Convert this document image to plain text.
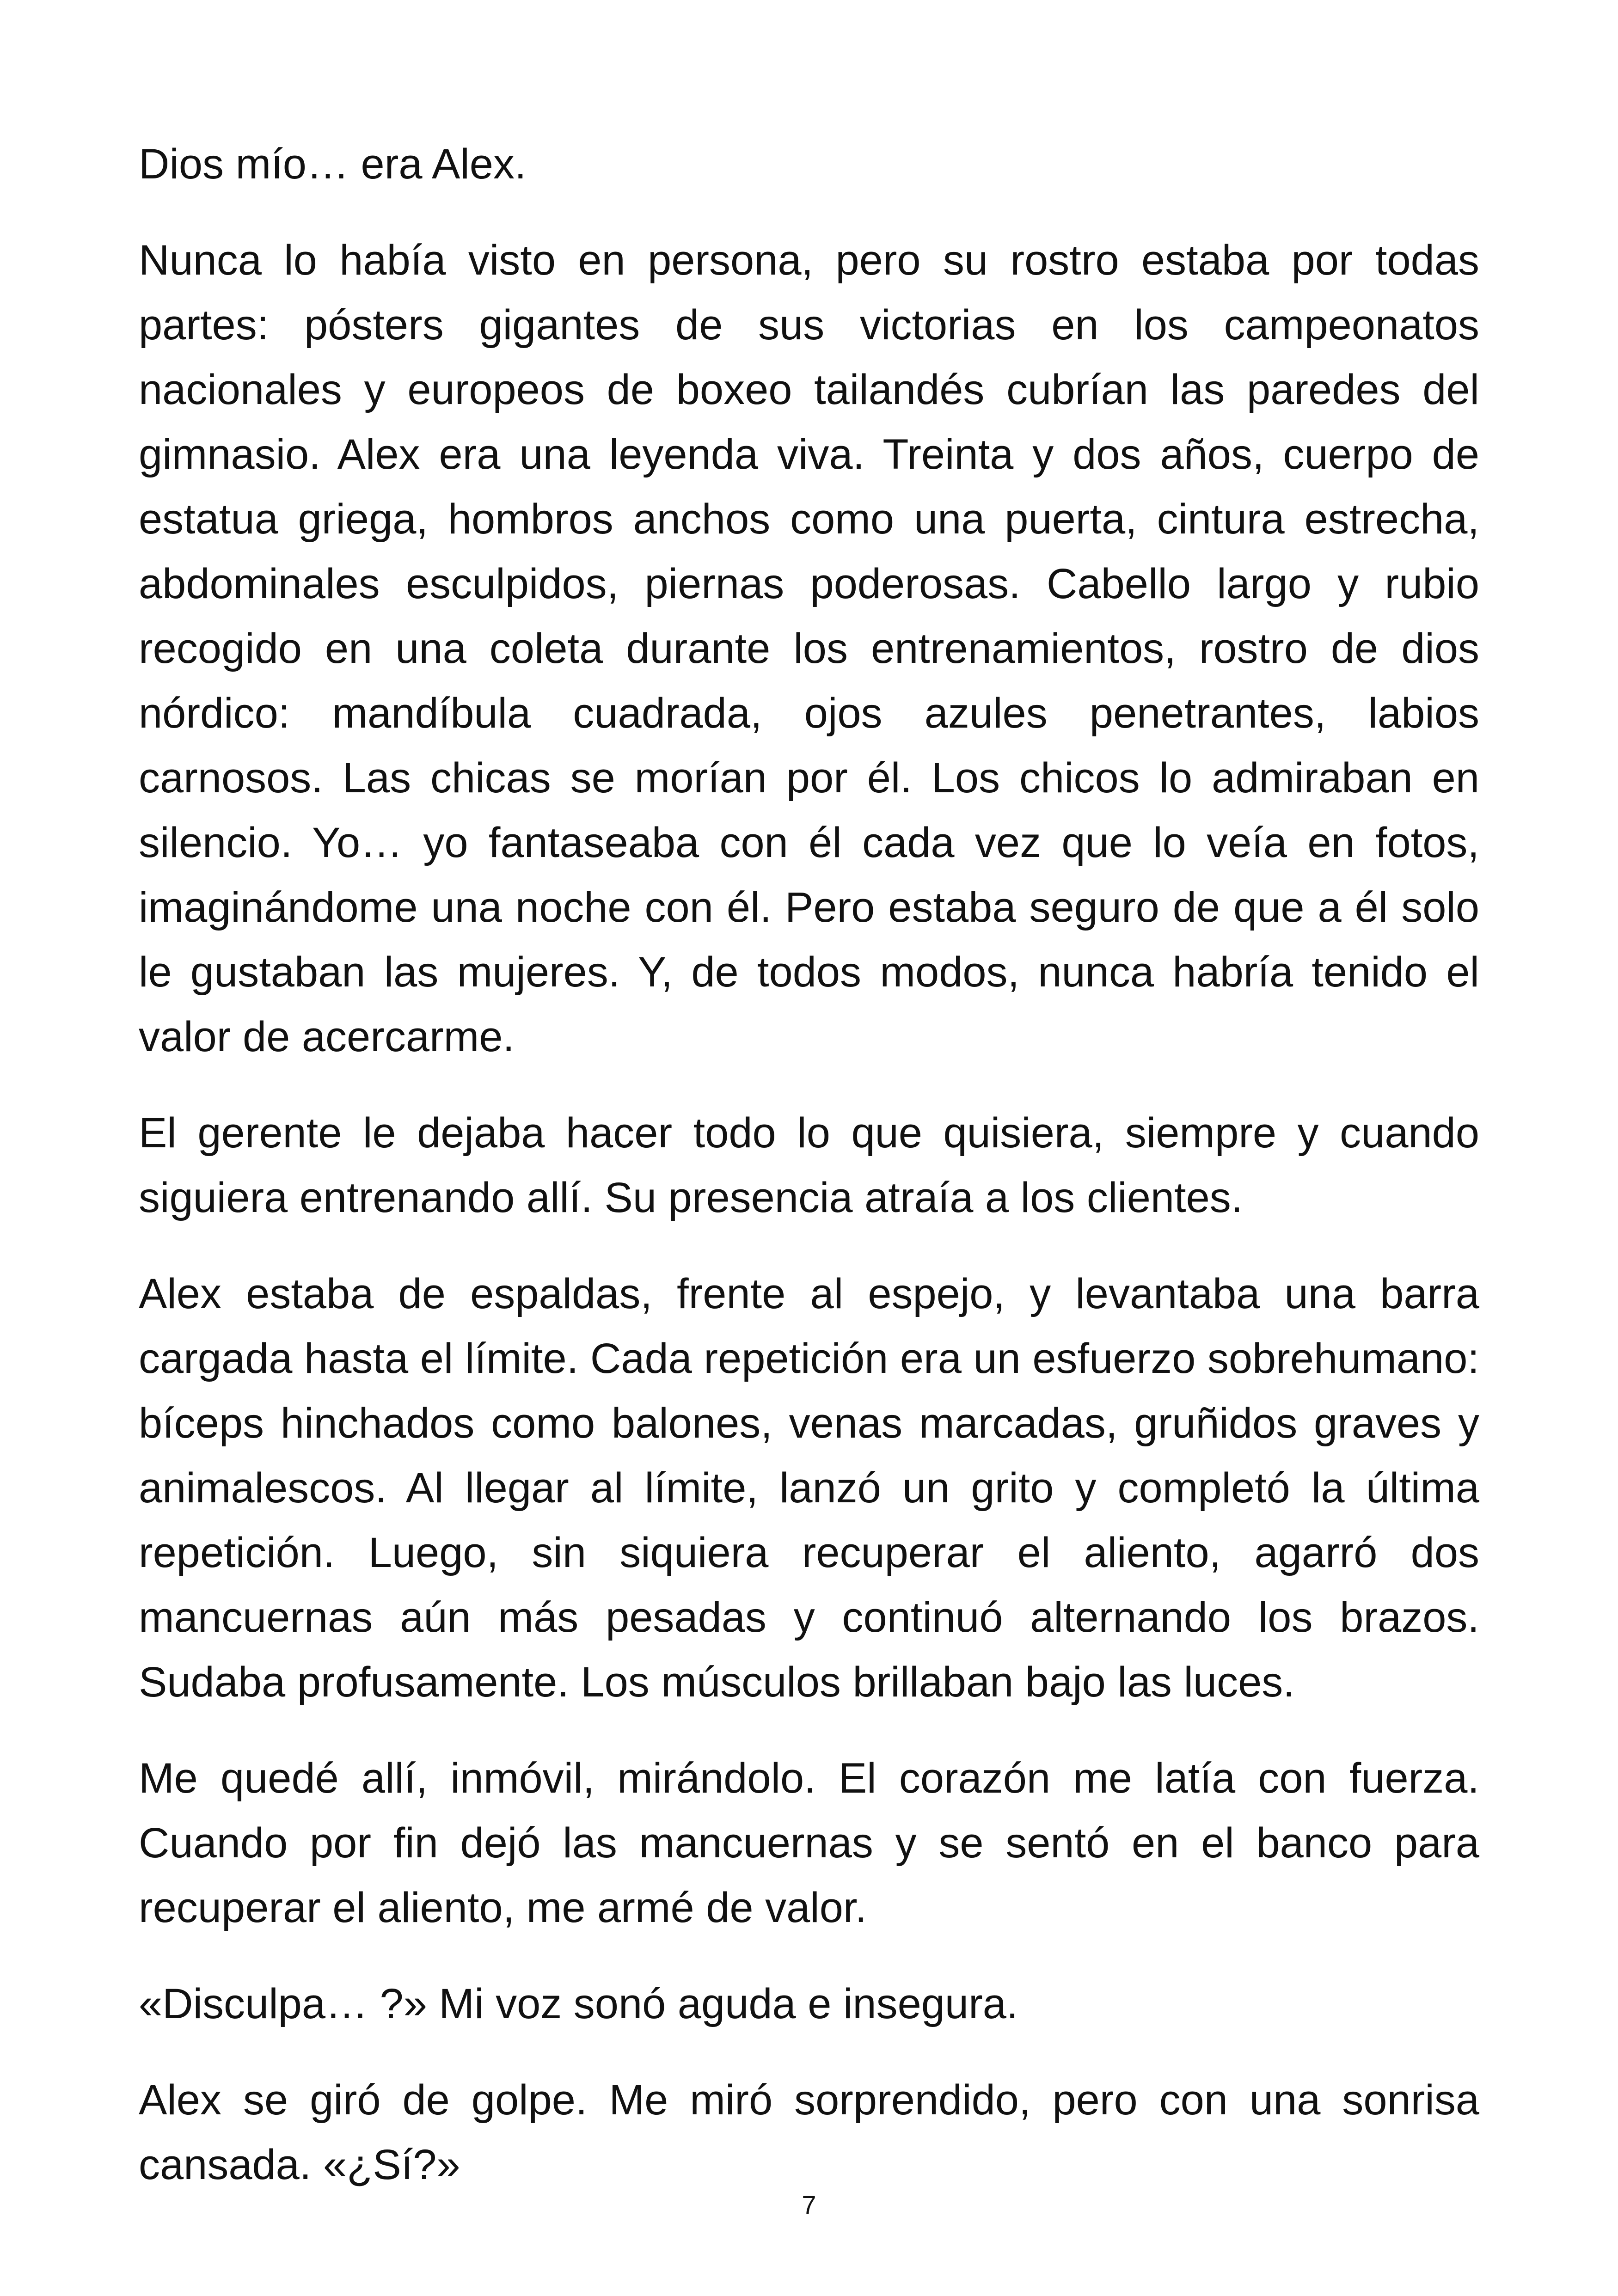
Dios mío… era Alex.

Nunca lo había visto en persona, pero su rostro estaba por todas partes: pósters gigantes de sus victorias en los campeonatos nacionales y europeos de boxeo tailandés cubrían las paredes del gimnasio. Alex era una leyenda viva. Treinta y dos años, cuerpo de estatua griega, hombros anchos como una puerta, cintura estrecha, abdominales esculpidos, piernas poderosas. Cabello largo y rubio recogido en una coleta durante los entrenamientos, rostro de dios nórdico: mandíbula cuadrada, ojos azules penetrantes, labios carnosos. Las chicas se morían por él. Los chicos lo admiraban en silencio. Yo… yo fantaseaba con él cada vez que lo veía en fotos, imaginándome una noche con él. Pero estaba seguro de que a él solo le gustaban las mujeres. Y, de todos modos, nunca habría tenido el valor de acercarme.

El gerente le dejaba hacer todo lo que quisiera, siempre y cuando siguiera entrenando allí. Su presencia atraía a los clientes.

Alex estaba de espaldas, frente al espejo, y levantaba una barra cargada hasta el límite. Cada repetición era un esfuerzo sobrehumano: bíceps hinchados como balones, venas marcadas, gruñidos graves y animalescos. Al llegar al límite, lanzó un grito y completó la última repetición. Luego, sin siquiera recuperar el aliento, agarró dos mancuernas aún más pesadas y continuó alternando los brazos. Sudaba profusamente. Los músculos brillaban bajo las luces.

Me quedé allí, inmóvil, mirándolo. El corazón me latía con fuerza. Cuando por fin dejó las mancuernas y se sentó en el banco para recuperar el aliento, me armé de valor.

«Disculpa… ?» Mi voz sonó aguda e insegura.

Alex se giró de golpe. Me miró sorprendido, pero con una sonrisa cansada. «¿Sí?»

7
